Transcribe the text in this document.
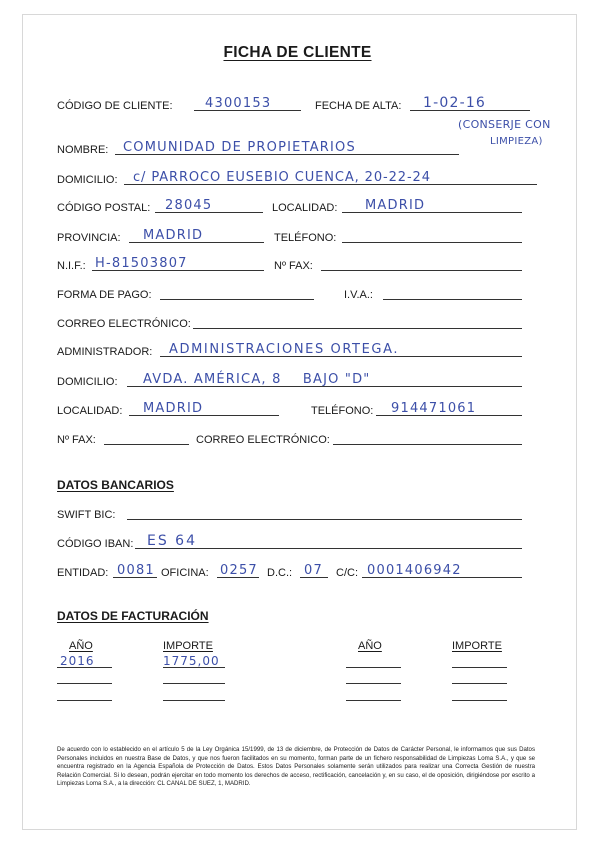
FICHA DE CLIENTE
CÓDIGO DE CLIENTE: 4300153	FECHA DE ALTA: 1-02-16
NOMBRE: COMUNIDAD DE PROPIETARIOS
(CONSERJE CON
LIMPIEZA)
DOMICILIO: c/ PARROCO EUSEBIO CUENCA, 20-22-24
CÓDIGO POSTAL: 28045	LOCALIDAD: MADRID
PROVINCIA: MADRID	TELÉFONO:
N.I.F.: H-81503807	Nº FAX:
FORMA DE PAGO:	I.V.A.:
CORREO ELECTRÓNICO:
ADMINISTRADOR: ADMINISTRACIONES ORTEGA.
DOMICILIO: AVDA. AMÉRICA, 8    BAJO "D"
LOCALIDAD: MADRID	TELÉFONO: 914471061
Nº FAX:	CORREO ELECTRÓNICO:
DATOS BANCARIOS
SWIFT BIC:
CÓDIGO IBAN: ES 64
ENTIDAD: 0081 OFICINA: 0257 D.C.: 07 C/C: 0001406942
DATOS DE FACTURACIÓN
AÑO	IMPORTE	AÑO	IMPORTE
2016	1775,00
De acuerdo con lo establecido en el artículo 5 de la Ley Orgánica 15/1999, de 13 de diciembre, de Protección de Datos de Carácter Personal, le informamos que sus Datos Personales incluidos en nuestra Base de Datos, y que nos fueron facilitados en su momento, forman parte de un fichero responsabilidad de Limpiezas Loma S.A., y que se encuentra registrado en la Agencia Española de Protección de Datos. Estos Datos Personales solamente serán utilizados para realizar una Correcta Gestión de nuestra Relación Comercial. Si lo desean, podrán ejercitar en todo momento los derechos de acceso, rectificación, cancelación y, en su caso, el de oposición, dirigiéndose por escrito a Limpiezas Loma S.A., a la dirección: CL CANAL DE SUEZ, 1, MADRID.
